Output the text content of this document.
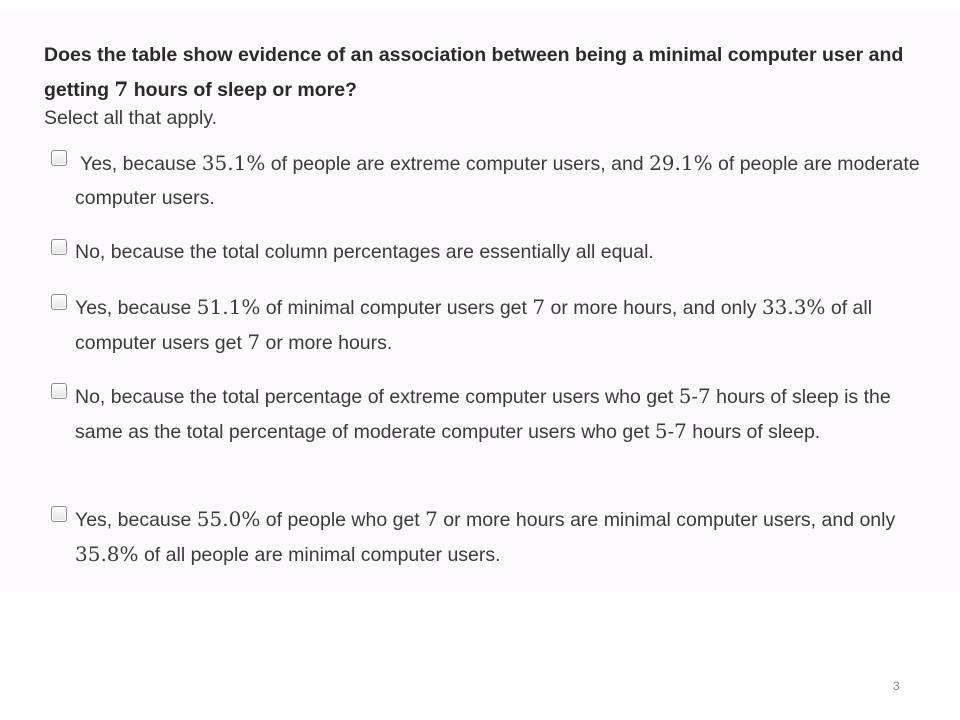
Does the table show evidence of an association between being a minimal computer user and getting 7 hours of sleep or more?
Select all that apply.
Yes, because 35.1% of people are extreme computer users, and 29.1% of people are moderate computer users.
No, because the total column percentages are essentially all equal.
Yes, because 51.1% of minimal computer users get 7 or more hours, and only 33.3% of all computer users get 7 or more hours.
No, because the total percentage of extreme computer users who get 5-7 hours of sleep is the same as the total percentage of moderate computer users who get 5-7 hours of sleep.
Yes, because 55.0% of people who get 7 or more hours are minimal computer users, and only 35.8% of all people are minimal computer users.
3
